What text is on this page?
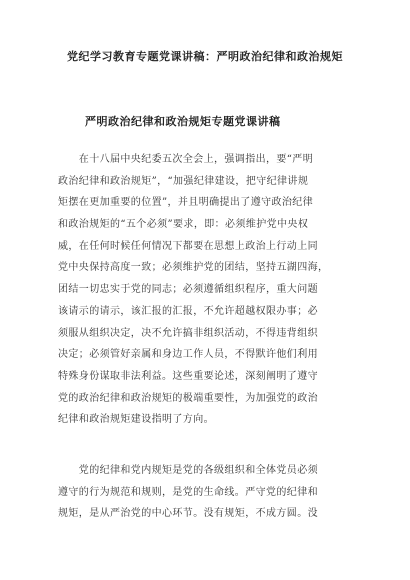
党纪学习教育专题党课讲稿：严明政治纪律和政治规矩
严明政治纪律和政治规矩专题党课讲稿
　　在十八届中央纪委五次全会上，强调指出，要“严明
政治纪律和政治规矩”，“加强纪律建设，把守纪律讲规
矩摆在更加重要的位置”，并且明确提出了遵守政治纪律
和政治规矩的“五个必须”要求，即：必须维护党中央权
威，在任何时候任何情况下都要在思想上政治上行动上同
党中央保持高度一致；必须维护党的团结，坚持五湖四海，
团结一切忠实于党的同志；必须遵循组织程序，重大问题
该请示的请示，该汇报的汇报，不允许超越权限办事；必
须服从组织决定，决不允许搞非组织活动，不得违背组织
决定；必须管好亲属和身边工作人员，不得默许他们利用
特殊身份谋取非法利益。这些重要论述，深刻阐明了遵守
党的政治纪律和政治规矩的极端重要性，为加强党的政治
纪律和政治规矩建设指明了方向。
　　党的纪律和党内规矩是党的各级组织和全体党员必须
遵守的行为规范和规则，是党的生命线。严守党的纪律和
规矩，是从严治党的中心环节。没有规矩，不成方圆。没
